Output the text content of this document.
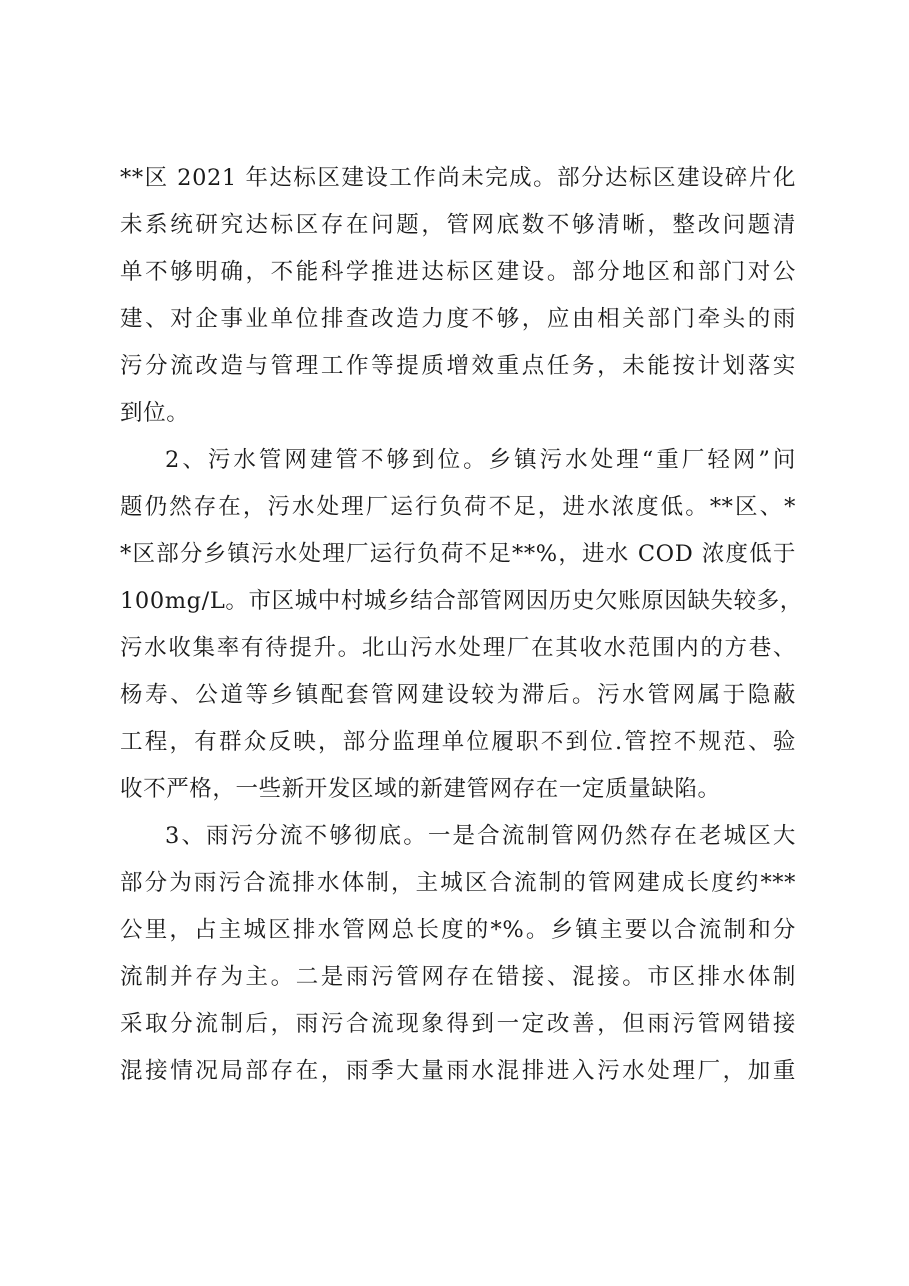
**区 2021 年达标区建设工作尚未完成。部分达标区建设碎片化
未系统研究达标区存在问题，管网底数不够清晰，整改问题清
单不够明确，不能科学推进达标区建设。部分地区和部门对公
建、对企事业单位排查改造力度不够，应由相关部门牵头的雨
污分流改造与管理工作等提质增效重点任务，未能按计划落实
到位。
2、污水管网建管不够到位。乡镇污水处理“重厂轻网”问
题仍然存在，污水处理厂运行负荷不足，进水浓度低。**区、*
*区部分乡镇污水处理厂运行负荷不足**%，进水 COD 浓度低于
100mg/L。市区城中村城乡结合部管网因历史欠账原因缺失较多，
污水收集率有待提升。北山污水处理厂在其收水范围内的方巷、
杨寿、公道等乡镇配套管网建设较为滞后。污水管网属于隐蔽
工程，有群众反映，部分监理单位履职不到位.管控不规范、验
收不严格，一些新开发区域的新建管网存在一定质量缺陷。
3、雨污分流不够彻底。一是合流制管网仍然存在老城区大
部分为雨污合流排水体制，主城区合流制的管网建成长度约***
公里，占主城区排水管网总长度的*%。乡镇主要以合流制和分
流制并存为主。二是雨污管网存在错接、混接。市区排水体制
采取分流制后，雨污合流现象得到一定改善，但雨污管网错接
混接情况局部存在，雨季大量雨水混排进入污水处理厂，加重
